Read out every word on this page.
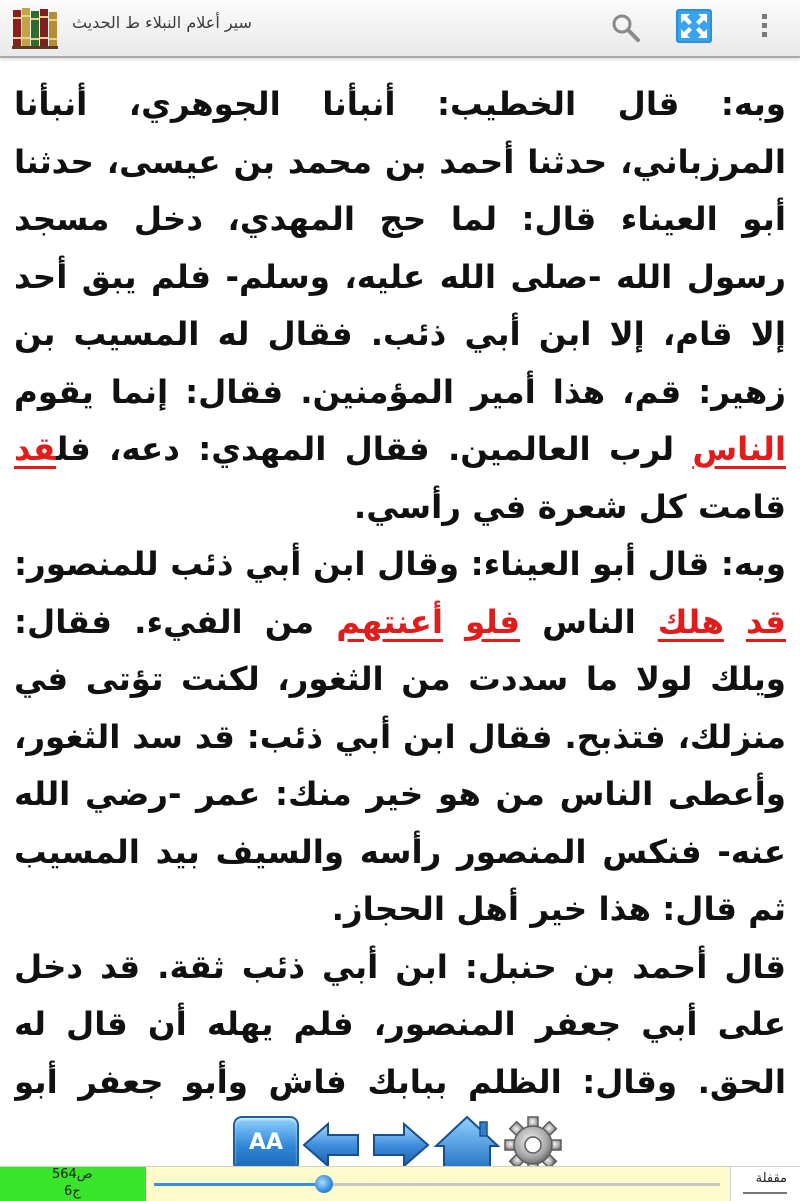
سير أعلام النبلاء ط الحديث

وبه: قال الخطيب: أنبأنا الجوهري، أنبأنا المرزباني، حدثنا أحمد بن محمد بن عيسى، حدثنا أبو العيناء قال: لما حج المهدي، دخل مسجد رسول الله -صلى الله عليه، وسلم- فلم يبق أحد إلا قام، إلا ابن أبي ذئب. فقال له المسيب بن زهير: قم، هذا أمير المؤمنين. فقال: إنما يقوم الناس لرب العالمين. فقال المهدي: دعه، فلقد قامت كل شعرة في رأسي.

وبه: قال أبو العيناء: وقال ابن أبي ذئب للمنصور: قد هلك الناس فلو أعنتهم من الفيء. فقال: ويلك لولا ما سددت من الثغور، لكنت تؤتى في منزلك، فتذبح. فقال ابن أبي ذئب: قد سد الثغور، وأعطى الناس من هو خير منك: عمر -رضي الله عنه- فنكس المنصور رأسه والسيف بيد المسيب ثم قال: هذا خير أهل الحجاز.

قال أحمد بن حنبل: ابن أبي ذئب ثقة. قد دخل على أبي جعفر المنصور، فلم يهله أن قال له الحق. وقال: الظلم ببابك فاش وأبو جعفر أبو

AA
ص564
ج6
مقفلة
